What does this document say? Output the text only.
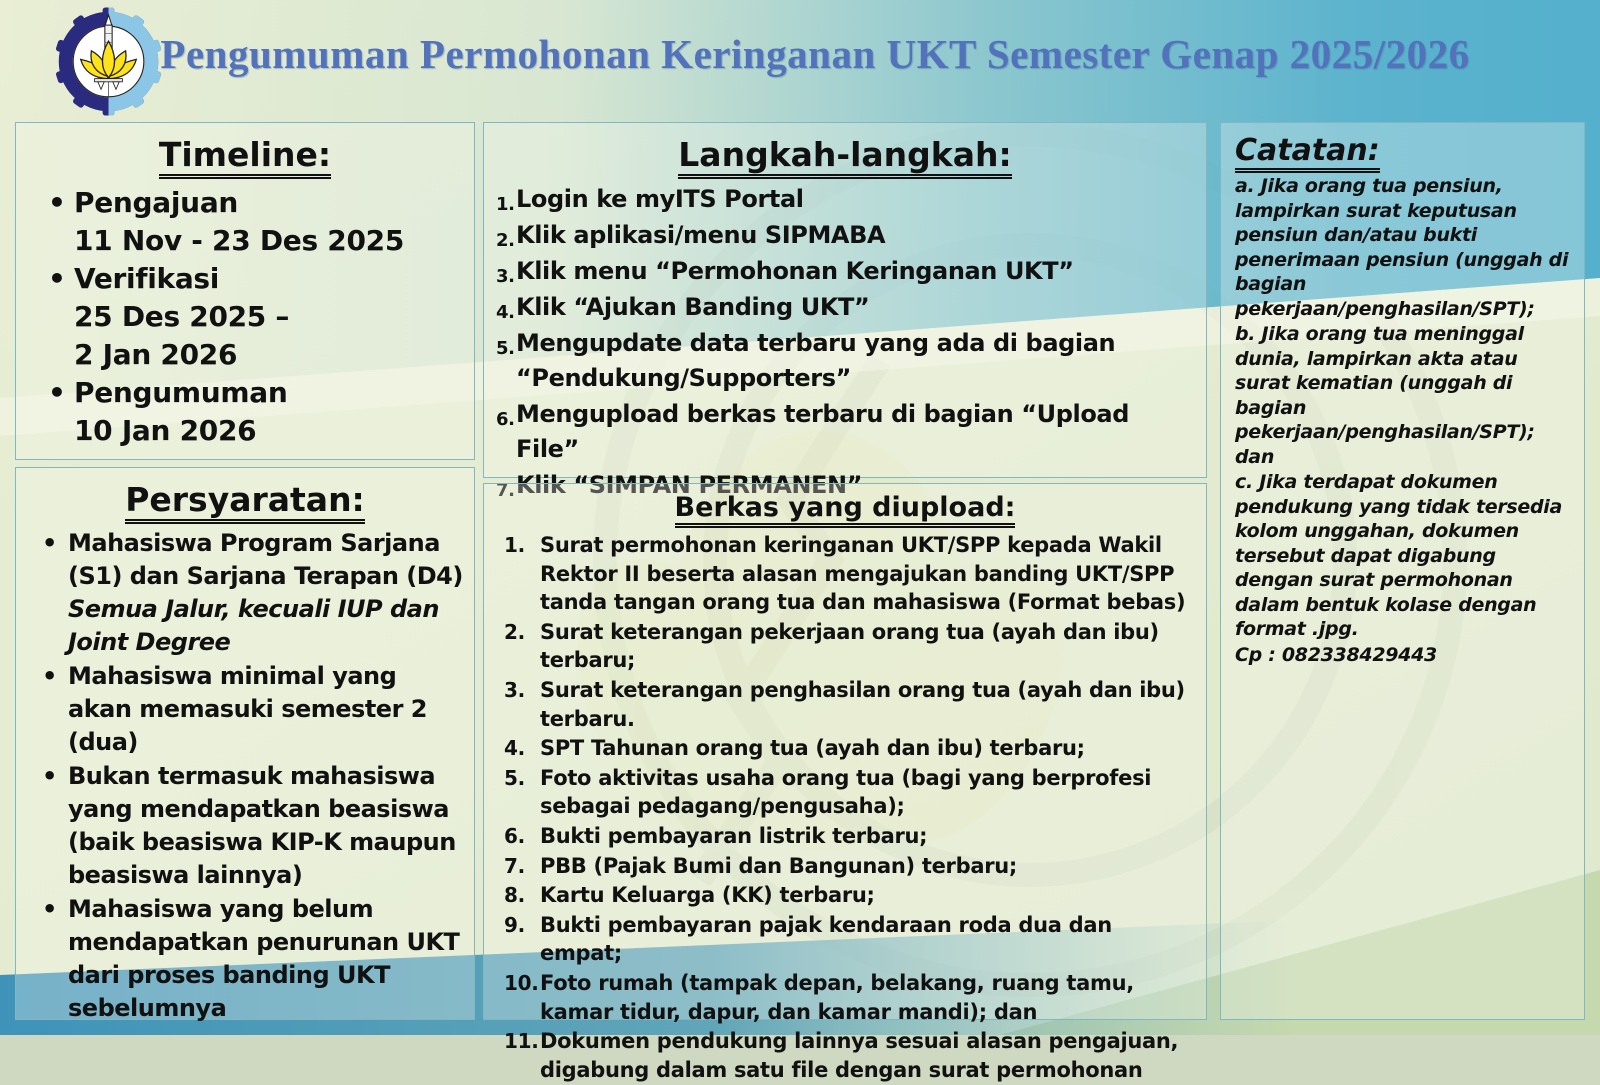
Pengumuman Permohonan Keringanan UKT Semester Genap 2025/2026
Timeline:
• Pengajuan
11 Nov - 23 Des 2025
• Verifikasi
25 Des 2025 –
2 Jan 2026
• Pengumuman
10 Jan 2026
Persyaratan:
• Mahasiswa Program Sarjana (S1) dan Sarjana Terapan (D4) Semua Jalur, kecuali IUP dan Joint Degree
• Mahasiswa minimal yang akan memasuki semester 2 (dua)
• Bukan termasuk mahasiswa yang mendapatkan beasiswa (baik beasiswa KIP-K maupun beasiswa lainnya)
• Mahasiswa yang belum mendapatkan penurunan UKT dari proses banding UKT sebelumnya
Langkah-langkah:
Login ke myITS Portal
Klik aplikasi/menu SIPMABA
Klik menu “Permohonan Keringanan UKT”
Klik “Ajukan Banding UKT”
Mengupdate data terbaru yang ada di bagian “Pendukung/Supporters”
Mengupload berkas terbaru di bagian “Upload File”
Klik “SIMPAN PERMANEN”
Berkas yang diupload:
Surat permohonan keringanan UKT/SPP kepada Wakil Rektor II beserta alasan mengajukan banding UKT/SPP tanda tangan orang tua dan mahasiswa (Format bebas)
Surat keterangan pekerjaan orang tua (ayah dan ibu) terbaru;
Surat keterangan penghasilan orang tua (ayah dan ibu) terbaru.
SPT Tahunan orang tua (ayah dan ibu) terbaru;
Foto aktivitas usaha orang tua (bagi yang berprofesi sebagai pedagang/pengusaha);
Bukti pembayaran listrik terbaru;
PBB (Pajak Bumi dan Bangunan) terbaru;
Kartu Keluarga (KK) terbaru;
Bukti pembayaran pajak kendaraan roda dua dan empat;
Foto rumah (tampak depan, belakang, ruang tamu, kamar tidur, dapur, dan kamar mandi); dan
Dokumen pendukung lainnya sesuai alasan pengajuan, digabung dalam satu file dengan surat permohonan
Catatan:

a. Jika orang tua pensiun, lampirkan surat keputusan pensiun dan/atau bukti penerimaan pensiun (unggah di bagian pekerjaan/penghasilan/SPT);

b. Jika orang tua meninggal dunia, lampirkan akta atau surat kematian (unggah di bagian pekerjaan/penghasilan/SPT); dan

c. Jika terdapat dokumen pendukung yang tidak tersedia kolom unggahan, dokumen tersebut dapat digabung dengan surat permohonan dalam bentuk kolase dengan format .jpg.

Cp : 082338429443
